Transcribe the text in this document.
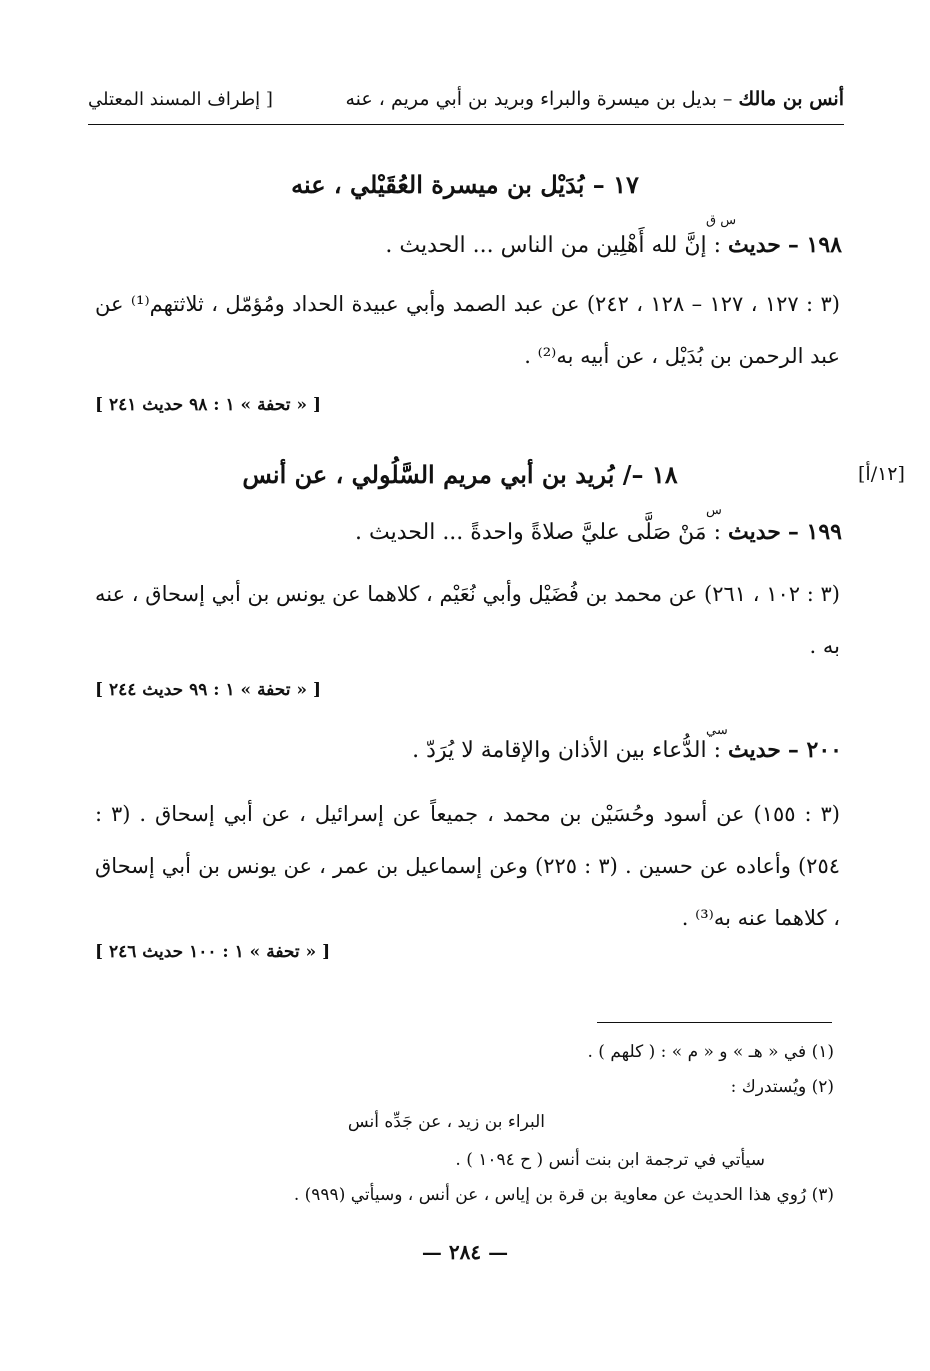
[ إطراف المسند المعتلي	أنس بن مالك – بديل بن ميسرة والبراء وبريد بن أبي مريم ، عنه
١٧ – بُدَيْل بن ميسرة العُقَيْلي ، عنه
س ق
١٩٨ – حديث : إنَّ لله أَهْلِين من الناس ... الحديث .
(٣ : ١٢٧ ، ١٢٧ – ١٢٨ ، ٢٤٢) عن عبد الصمد وأبي عبيدة الحداد ومُؤمّل ، ثلاثتهم⁽¹⁾ عن عبد الرحمن بن بُدَيْل ، عن أبيه به⁽²⁾ .
[ « تحفة » ١ : ٩٨ حديث ٢٤١ ]
[١٢/أ]
١٨ –/ بُريد بن أبي مريم السَّلُولي ، عن أنس
س
١٩٩ – حديث : مَنْ صَلَّى عليَّ صلاةً واحدةً ... الحديث .
(٣ : ١٠٢ ، ٢٦١) عن محمد بن فُضَيْل وأبي نُعَيْم ، كلاهما عن يونس بن أبي إسحاق ، عنه به .
[ « تحفة » ١ : ٩٩ حديث ٢٤٤ ]
سي
٢٠٠ – حديث : الدُّعاء بين الأذان والإقامة لا يُرَدّ .
(٣ : ١٥٥) عن أسود وحُسَيْن بن محمد ، جميعاً عن إسرائيل ، عن أبي إسحاق . (٣ : ٢٥٤) وأعاده عن حسين . (٣ : ٢٢٥) وعن إسماعيل بن عمر ، عن يونس بن أبي إسحاق ، كلاهما عنه به⁽³⁾ .
[ « تحفة » ١ : ١٠٠ حديث ٢٤٦ ]
(١) في « هـ » و « م » : ( كلهم ) .
(٢) ويُستدرك :
البراء بن زيد ، عن جَدِّه أنس
سيأتي في ترجمة ابن بنت أنس ( ح ١٠٩٤ ) .
(٣) رُوي هذا الحديث عن معاوية بن قرة بن إياس ، عن أنس ، وسيأتي (٩٩٩) .
— ٢٨٤ —
